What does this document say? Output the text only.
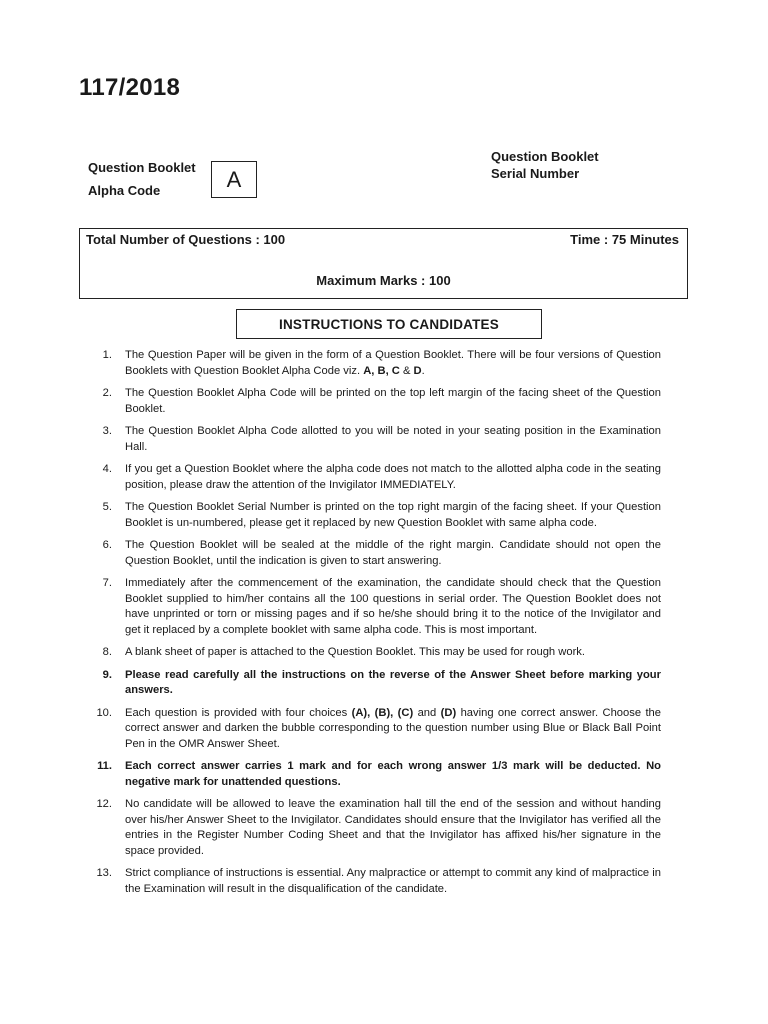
117/2018
Question Booklet
Alpha Code	A
Question Booklet
Serial Number
Total Number of Questions : 100	Time : 75 Minutes
Maximum Marks : 100
INSTRUCTIONS TO CANDIDATES
1. The Question Paper will be given in the form of a Question Booklet. There will be four versions of Question Booklets with Question Booklet Alpha Code viz. A, B, C & D.
2. The Question Booklet Alpha Code will be printed on the top left margin of the facing sheet of the Question Booklet.
3. The Question Booklet Alpha Code allotted to you will be noted in your seating position in the Examination Hall.
4. If you get a Question Booklet where the alpha code does not match to the allotted alpha code in the seating position, please draw the attention of the Invigilator IMMEDIATELY.
5. The Question Booklet Serial Number is printed on the top right margin of the facing sheet. If your Question Booklet is un-numbered, please get it replaced by new Question Booklet with same alpha code.
6. The Question Booklet will be sealed at the middle of the right margin. Candidate should not open the Question Booklet, until the indication is given to start answering.
7. Immediately after the commencement of the examination, the candidate should check that the Question Booklet supplied to him/her contains all the 100 questions in serial order. The Question Booklet does not have unprinted or torn or missing pages and if so he/she should bring it to the notice of the Invigilator and get it replaced by a complete booklet with same alpha code. This is most important.
8. A blank sheet of paper is attached to the Question Booklet. This may be used for rough work.
9. Please read carefully all the instructions on the reverse of the Answer Sheet before marking your answers.
10. Each question is provided with four choices (A), (B), (C) and (D) having one correct answer. Choose the correct answer and darken the bubble corresponding to the question number using Blue or Black Ball Point Pen in the OMR Answer Sheet.
11. Each correct answer carries 1 mark and for each wrong answer 1/3 mark will be deducted. No negative mark for unattended questions.
12. No candidate will be allowed to leave the examination hall till the end of the session and without handing over his/her Answer Sheet to the Invigilator. Candidates should ensure that the Invigilator has verified all the entries in the Register Number Coding Sheet and that the Invigilator has affixed his/her signature in the space provided.
13. Strict compliance of instructions is essential. Any malpractice or attempt to commit any kind of malpractice in the Examination will result in the disqualification of the candidate.
